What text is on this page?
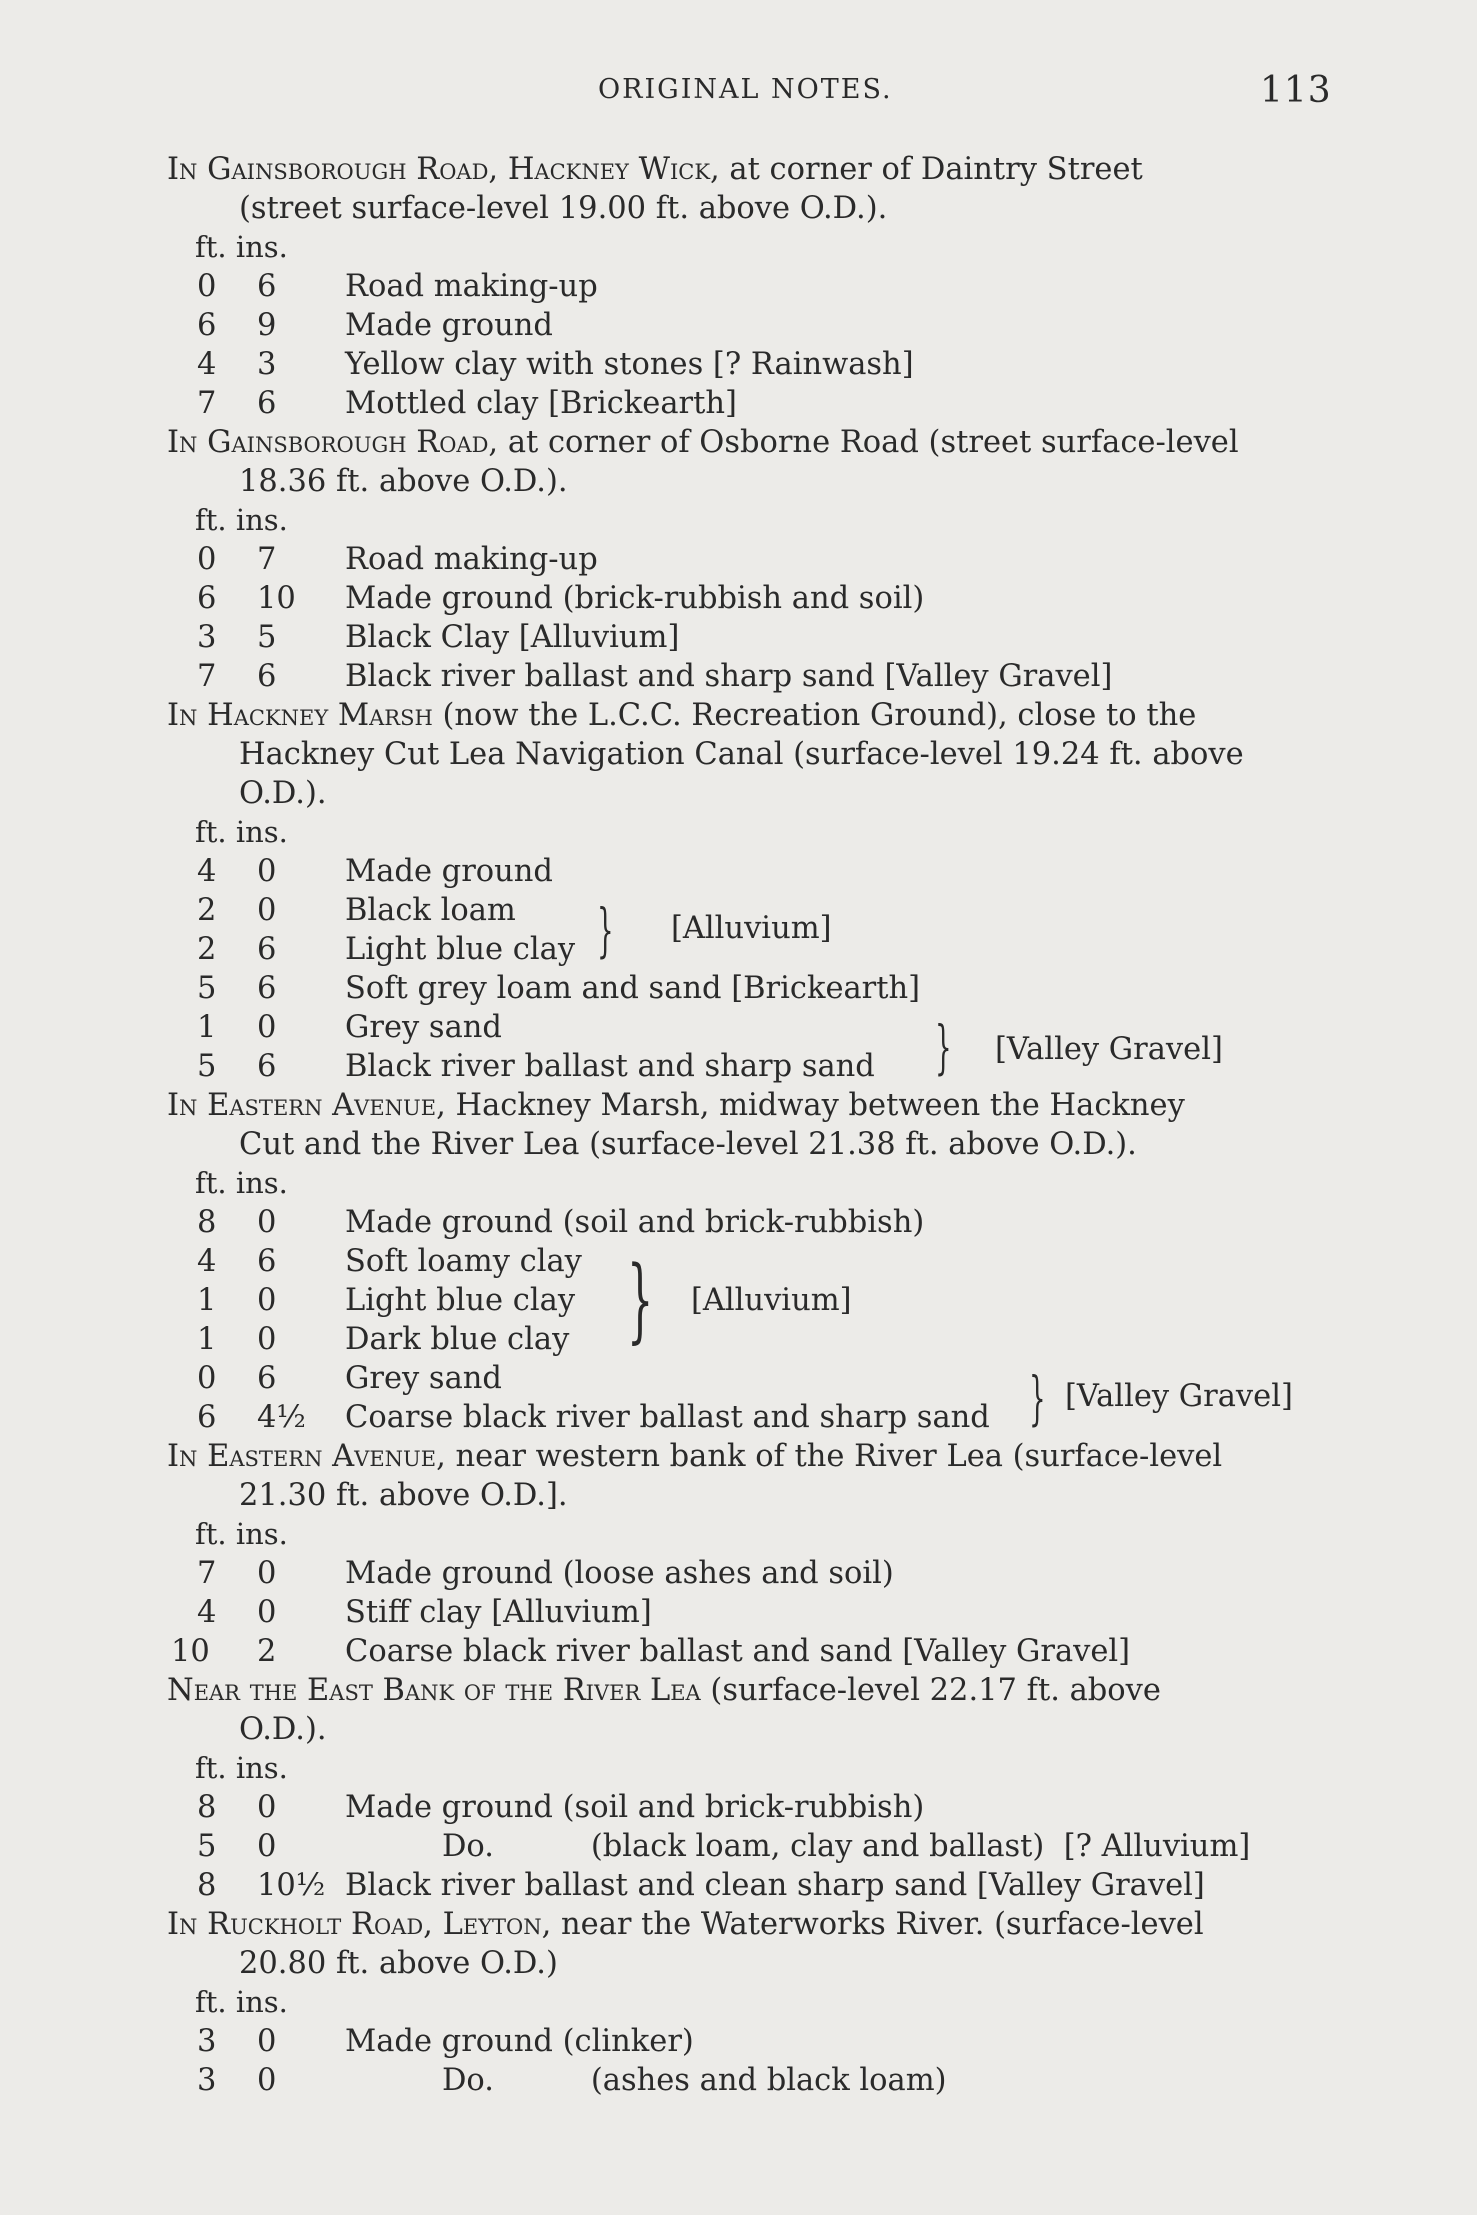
ORIGINAL NOTES.	113

In Gainsborough Road, Hackney Wick, at corner of Daintry Street
(street surface-level 19.00 ft. above O.D.).

ft. ins.
0	6 Road making-up
6	9 Made ground
4	3 Yellow clay with stones [? Rainwash]
7	6 Mottled clay [Brickearth]

In Gainsborough Road, at corner of Osborne Road (street surface-level
18.36 ft. above O.D.).

ft. ins.
0	7 Road making-up
6	10 Made ground (brick-rubbish and soil)
3	5 Black Clay [Alluvium]
7	6 Black river ballast and sharp sand [Valley Gravel]

In Hackney Marsh (now the L.C.C. Recreation Ground), close to the
Hackney Cut Lea Navigation Canal (surface-level 19.24 ft. above
O.D.).

ft. ins.
4	0 Made ground
2	0 Black loam
2	6 Light blue clay } [Alluvium]
5	6 Soft grey loam and sand [Brickearth]
1	0 Grey sand
5	6 Black river ballast and sharp sand } [Valley Gravel]

In Eastern Avenue, Hackney Marsh, midway between the Hackney
Cut and the River Lea (surface-level 21.38 ft. above O.D.).

ft. ins.
8	0 Made ground (soil and brick-rubbish)
4	6 Soft loamy clay
1	0 Light blue clay
1	0 Dark blue clay } [Alluvium]
0	6 Grey sand
6	4½ Coarse black river ballast and sharp sand } [Valley Gravel]

In Eastern Avenue, near western bank of the River Lea (surface-level
21.30 ft. above O.D.].

ft. ins.
7	0 Made ground (loose ashes and soil)
4	0 Stiff clay [Alluvium]
10 2 Coarse black river ballast and sand [Valley Gravel]

Near the East Bank of the River Lea (surface-level 22.17 ft. above
O.D.).

ft. ins.
8	0 Made ground (soil and brick-rubbish)
5	0 Do.          (black loam, clay and ballast)  [? Alluvium]
8	10½ Black river ballast and clean sharp sand [Valley Gravel]

In Ruckholt Road, Leyton, near the Waterworks River. (surface-level
20.80 ft. above O.D.)

ft. ins.
3	0 Made ground (clinker)
3	0 Do.          (ashes and black loam)
